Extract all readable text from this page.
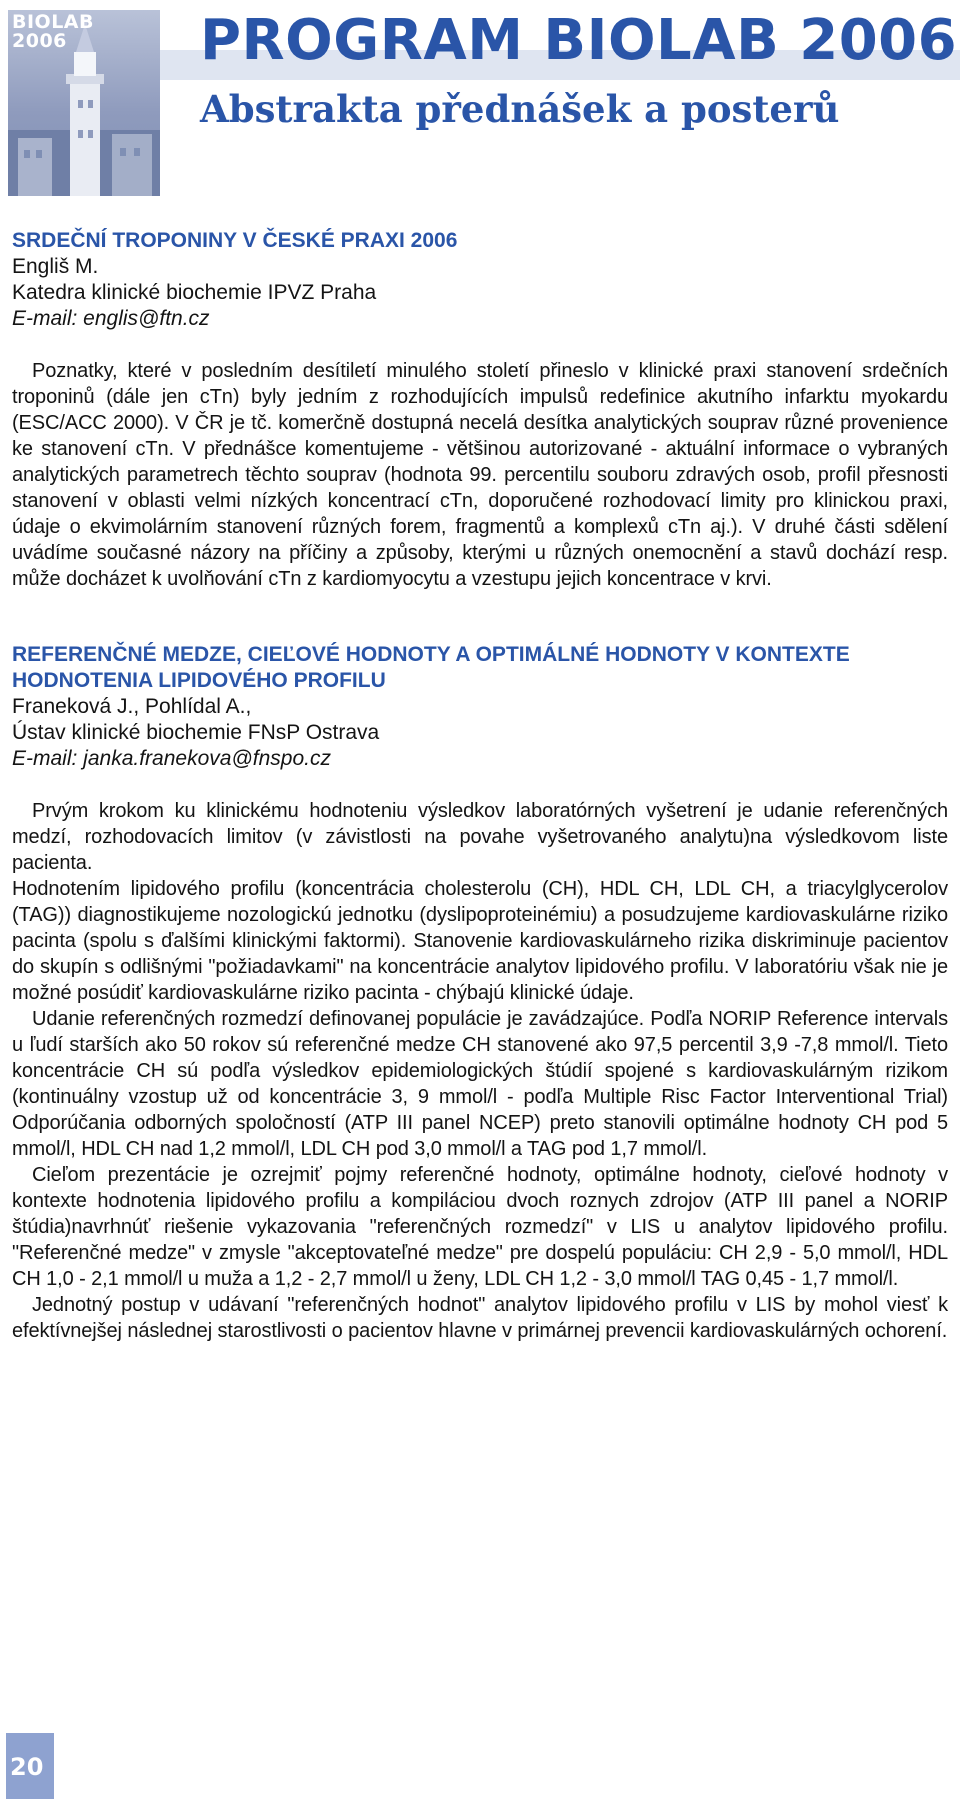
BIOLAB
2006	PROGRAM BIOLAB 2006
Abstrakta přednášek a posterů

SRDEČNÍ TROPONINY V ČESKÉ PRAXI 2006

Engliš M.

Katedra klinické biochemie IPVZ Praha

E-mail: englis@ftn.cz

Poznatky, které v posledním desítiletí minulého století přineslo v klinické praxi stanovení srdečních troponinů (dále jen cTn) byly jedním z rozhodujících impulsů redefinice akutního infarktu myokardu (ESC/ACC 2000). V ČR je tč. komerčně dostupná necelá desítka analytických souprav různé provenience ke stanovení cTn. V přednášce komentujeme - většinou autorizované - aktuální informace o vybraných analytických parametrech těchto souprav (hodnota 99. percentilu souboru zdravých osob, profil přesnosti stanovení v oblasti velmi nízkých koncentrací cTn, doporučené rozhodovací limity pro klinickou praxi, údaje o ekvimolárním stanovení různých forem, fragmentů a komplexů cTn aj.). V druhé části sdělení uvádíme současné názory na příčiny a způsoby, kterými u různých onemocnění a stavů dochází resp. může docházet k uvolňování cTn z kardiomyocytu a vzestupu jejich koncentrace v krvi.

REFERENČNÉ MEDZE, CIEĽOVÉ HODNOTY A OPTIMÁLNÉ HODNOTY V KONTEXTE HODNOTENIA LIPIDOVÉHO PROFILU

Franeková J., Pohlídal A.,

Ústav klinické biochemie FNsP Ostrava

E-mail: janka.franekova@fnspo.cz

Prvým krokom ku klinickému hodnoteniu výsledkov laboratórných vyšetrení je udanie referenčných medzí, rozhodovacích limitov (v závistlosti na povahe vyšetrovaného analytu)na výsledkovom liste pacienta.

Hodnotením lipidového profilu (koncentrácia cholesterolu (CH), HDL CH, LDL CH, a triacylglycerolov (TAG)) diagnostikujeme nozologickú jednotku (dyslipoproteinémiu) a posudzujeme kardiovaskulárne riziko pacinta (spolu s ďalšími klinickými faktormi). Stanovenie kardiovaskulárneho rizika diskriminuje pacientov do skupín s odlišnými "požiadavkami" na koncentrácie analytov lipidového profilu. V laboratóriu však nie je možné posúdiť kardiovaskulárne riziko pacinta - chýbajú klinické údaje.

Udanie referenčných rozmedzí definovanej populácie je zavádzajúce. Podľa NORIP Reference intervals u ľudí starších ako 50 rokov sú referenčné medze CH stanovené ako 97,5 percentil 3,9 -7,8 mmol/l. Tieto koncentrácie CH sú podľa výsledkov epidemiologických štúdií spojené s kardiovaskulárným rizikom (kontinuálny vzostup už od koncentrácie 3, 9 mmol/l - podľa Multiple Risc Factor Interventional Trial) Odporúčania odborných spoločností (ATP III panel NCEP) preto stanovili optimálne hodnoty CH pod 5 mmol/l, HDL CH nad 1,2 mmol/l, LDL CH pod 3,0 mmol/l a TAG pod 1,7 mmol/l.

Cieľom prezentácie je ozrejmiť pojmy referenčné hodnoty, optimálne hodnoty, cieľové hodnoty v kontexte hodnotenia lipidového profilu a kompiláciou dvoch roznych zdrojov (ATP III panel a NORIP štúdia)navrhnúť riešenie vykazovania "referenčných rozmedzí" v LIS u analytov lipidového profilu. "Referenčné medze" v zmysle "akceptovateľné medze" pre dospelú populáciu: CH 2,9 - 5,0 mmol/l, HDL CH 1,0 - 2,1 mmol/l u muža a 1,2 - 2,7 mmol/l u ženy, LDL CH 1,2 - 3,0 mmol/l TAG 0,45 - 1,7 mmol/l.

Jednotný postup v udávaní "referenčných hodnot" analytov lipidového profilu v LIS by mohol viesť k efektívnejšej následnej starostlivosti o pacientov hlavne v primárnej prevencii kardiovaskulárných ochorení.

20
